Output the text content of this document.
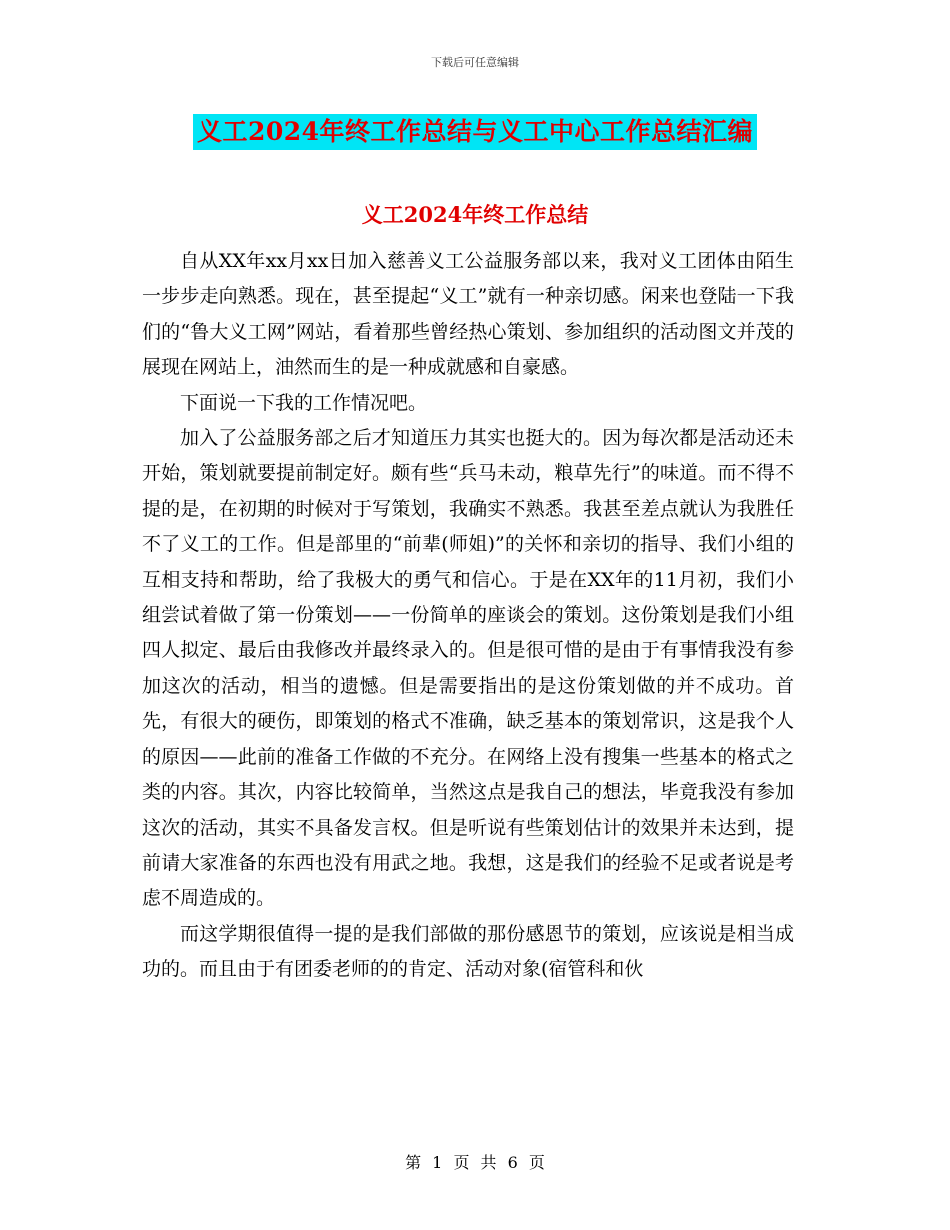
下载后可任意编辑
义工2024年终工作总结与义工中心工作总结汇编
义工2024年终工作总结

自从XX年xx月xx日加入慈善义工公益服务部以来，我对义工团体由陌生一步步走向熟悉。现在，甚至提起“义工”就有一种亲切感。闲来也登陆一下我们的“鲁大义工网”网站，看着那些曾经热心策划、参加组织的活动图文并茂的展现在网站上，油然而生的是一种成就感和自豪感。

下面说一下我的工作情况吧。

加入了公益服务部之后才知道压力其实也挺大的。因为每次都是活动还未开始，策划就要提前制定好。颇有些“兵马未动，粮草先行”的味道。而不得不提的是，在初期的时候对于写策划，我确实不熟悉。我甚至差点就认为我胜任不了义工的工作。但是部里的“前辈(师姐)”的关怀和亲切的指导、我们小组的互相支持和帮助，给了我极大的勇气和信心。于是在XX年的11月初，我们小组尝试着做了第一份策划——一份简单的座谈会的策划。这份策划是我们小组四人拟定、最后由我修改并最终录入的。但是很可惜的是由于有事情我没有参加这次的活动，相当的遗憾。但是需要指出的是这份策划做的并不成功。首先，有很大的硬伤，即策划的格式不准确，缺乏基本的策划常识，这是我个人的原因——此前的准备工作做的不充分。在网络上没有搜集一些基本的格式之类的内容。其次，内容比较简单，当然这点是我自己的想法，毕竟我没有参加这次的活动，其实不具备发言权。但是听说有些策划估计的效果并未达到，提前请大家准备的东西也没有用武之地。我想，这是我们的经验不足或者说是考虑不周造成的。

而这学期很值得一提的是我们部做的那份感恩节的策划，应该说是相当成功的。而且由于有团委老师的的肯定、活动对象(宿管科和伙

第 1 页 共 6 页
